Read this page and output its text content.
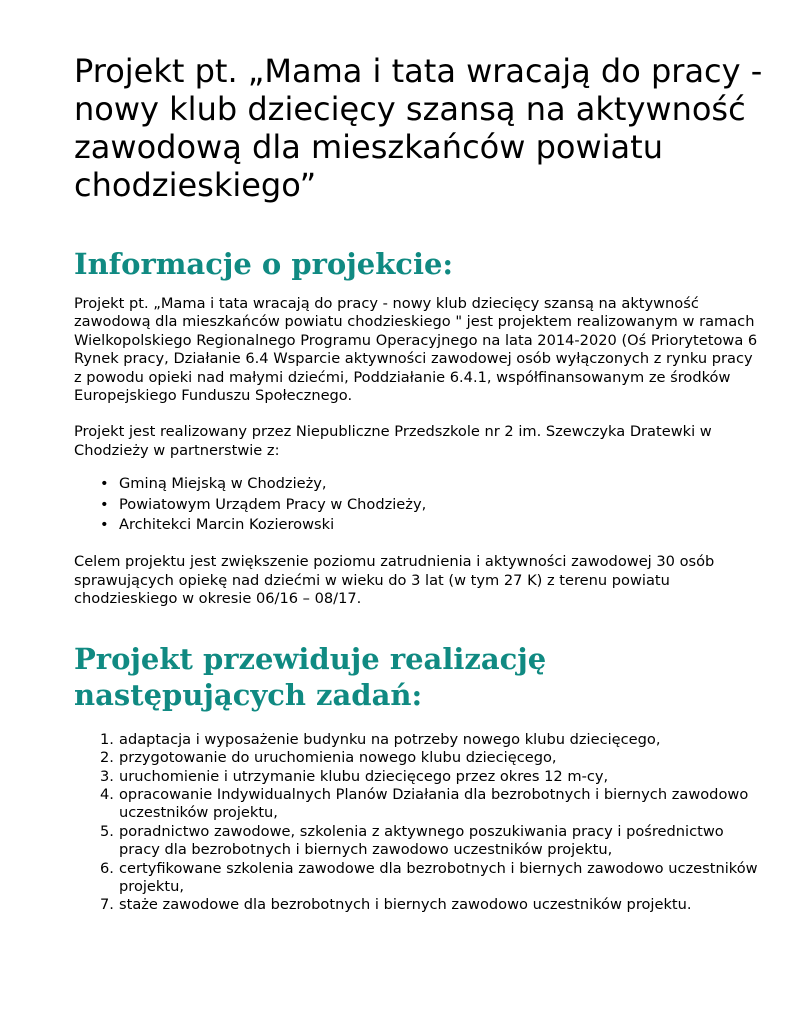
Projekt pt. „Mama i tata wracają do pracy - nowy klub dziecięcy szansą na aktywność zawodową dla mieszkańców powiatu chodzieskiego”
Informacje o projekcie:

Projekt pt. „Mama i tata wracają do pracy - nowy klub dziecięcy szansą na aktywność zawodową dla mieszkańców powiatu chodzieskiego " jest projektem realizowanym w ramach Wielkopolskiego Regionalnego Programu Operacyjnego na lata 2014-2020 (Oś Priorytetowa 6 Rynek pracy, Działanie 6.4 Wsparcie aktywności zawodowej osób wyłączonych z rynku pracy z powodu opieki nad małymi dziećmi, Poddziałanie 6.4.1, współfinansowanym ze środków Europejskiego Funduszu Społecznego.

Projekt jest realizowany przez Niepubliczne Przedszkole nr 2 im. Szewczyka Dratewki w Chodzieży w partnerstwie z:

• Gminą Miejską w Chodzieży,
• Powiatowym Urządem Pracy w Chodzieży,
• Architekci Marcin Kozierowski

Celem projektu jest zwiększenie poziomu zatrudnienia i aktywności zawodowej 30 osób sprawujących opiekę nad dziećmi w wieku do 3 lat (w tym 27 K) z terenu powiatu chodzieskiego w okresie 06/16 – 08/17.

Projekt przewiduje realizację następujących zadań:
1. adaptacja i wyposażenie budynku na potrzeby nowego klubu dziecięcego,
2. przygotowanie do uruchomienia nowego klubu dziecięcego,
3. uruchomienie i utrzymanie klubu dziecięcego przez okres 12 m-cy,
4. opracowanie Indywidualnych Planów Działania dla bezrobotnych i biernych zawodowo uczestników projektu,
5. poradnictwo zawodowe, szkolenia z aktywnego poszukiwania pracy i pośrednictwo pracy dla bezrobotnych i biernych zawodowo uczestników projektu,
6. certyfikowane szkolenia zawodowe dla bezrobotnych i biernych zawodowo uczestników projektu,
7. staże zawodowe dla bezrobotnych i biernych zawodowo uczestników projektu.
